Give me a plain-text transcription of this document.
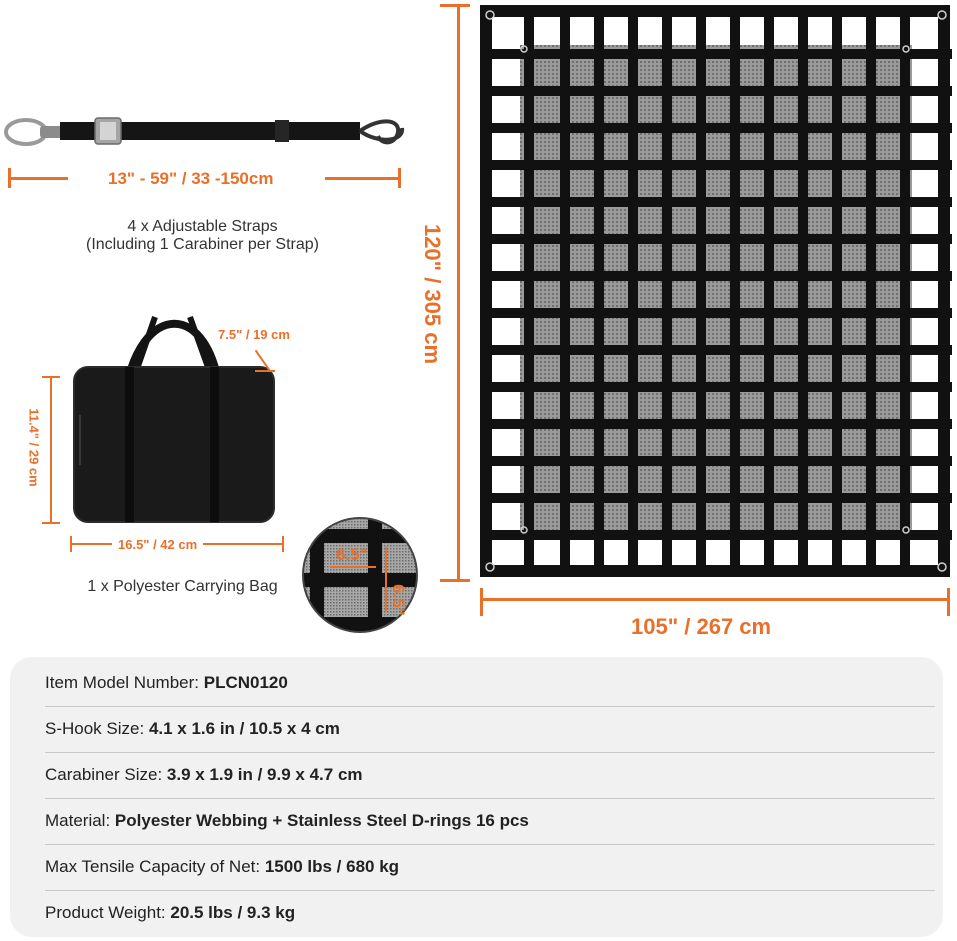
13" - 59" / 33 -150cm
4 x Adjustable Straps
(Including 1 Carabiner per Strap)
7.5" / 19 cm
11.4" / 29 cm
16.5" / 42 cm
1 x Polyester Carrying Bag
6.5"
6.5"
120" / 305 cm
105" / 267 cm
Item Model Number: PLCN0120
S-Hook Size: 4.1 x 1.6 in / 10.5 x 4 cm
Carabiner Size: 3.9 x 1.9 in / 9.9 x 4.7 cm
Material: Polyester Webbing + Stainless Steel D-rings 16 pcs
Max Tensile Capacity of Net: 1500 lbs / 680 kg
Product Weight: 20.5 lbs / 9.3 kg
